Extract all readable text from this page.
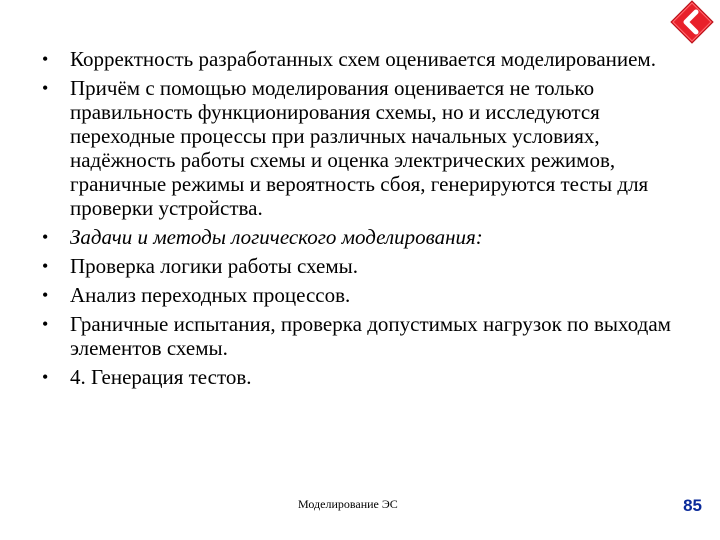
•	Корректность разработанных схем оценивается моделированием.
•	Причём с помощью моделирования оценивается не только правильность функционирования схемы, но и исследуются переходные процессы при различных начальных условиях, надёжность работы схемы и оценка электрических режимов, граничные режимы и вероятность сбоя, генерируются тесты для проверки устройства.
•	Задачи и методы логического моделирования:
•	Проверка логики работы схемы.
•	Анализ переходных процессов.
•	Граничные испытания, проверка допустимых нагрузок по выходам элементов схемы.
•	4. Генерация тестов.
Моделирование ЭС	85
